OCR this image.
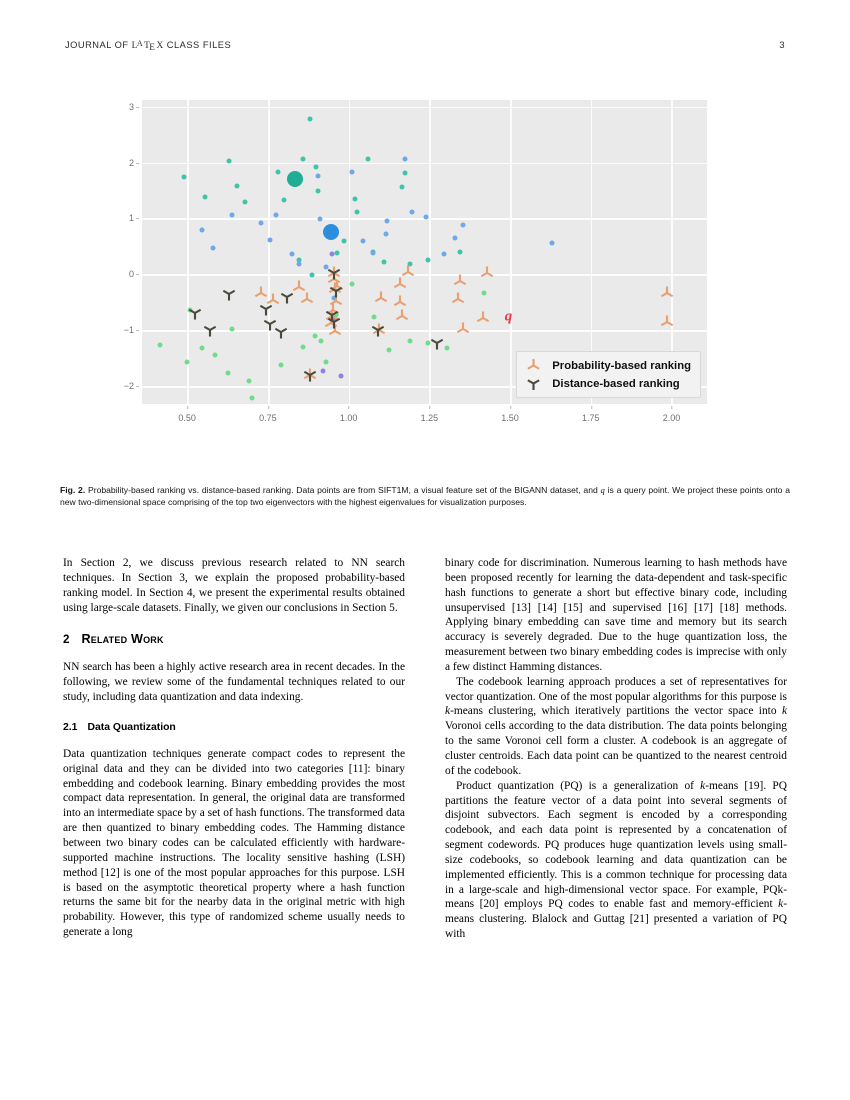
JOURNAL OF LATEX CLASS FILES	3
3
2
1
0
−1
−2
q
Probability-based ranking
Distance-based ranking
0.50	0.75	1.00	1.25	1.50	1.75	2.00
Fig. 2. Probability-based ranking vs. distance-based ranking. Data points are from SIFT1M, a visual feature set of the BIGANN dataset, and q is a query point. We project these points onto a new two-dimensional space comprising of the top two eigenvectors with the highest eigenvalues for visualization purposes.

In Section 2, we discuss previous research related to NN search techniques. In Section 3, we explain the proposed probability-based ranking model. In Section 4, we present the experimental results obtained using large-scale datasets. Finally, we given our conclusions in Section 5.

2 Related Work

NN search has been a highly active research area in recent decades. In the following, we review some of the fundamental techniques related to our study, including data quantization and data indexing.

2.1 Data Quantization

Data quantization techniques generate compact codes to represent the original data and they can be divided into two categories [11]: binary embedding and codebook learning. Binary embedding provides the most compact data representation. In general, the original data are transformed into an intermediate space by a set of hash functions. The transformed data are then quantized to binary embedding codes. The Hamming distance between two binary codes can be calculated efficiently with hardware-supported machine instructions. The locality sensitive hashing (LSH) method [12] is one of the most popular approaches for this purpose. LSH is based on the asymptotic theoretical property where a hash function returns the same bit for the nearby data in the original metric with high probability. However, this type of randomized scheme usually needs to generate a long

binary code for discrimination. Numerous learning to hash methods have been proposed recently for learning the data-dependent and task-specific hash functions to generate a short but effective binary code, including unsupervised [13] [14] [15] and supervised [16] [17] [18] methods. Applying binary embedding can save time and memory but its search accuracy is severely degraded. Due to the huge quantization loss, the measurement between two binary embedding codes is imprecise with only a few distinct Hamming distances.

The codebook learning approach produces a set of representatives for vector quantization. One of the most popular algorithms for this purpose is k-means clustering, which iteratively partitions the vector space into k Voronoi cells according to the data distribution. The data points belonging to the same Voronoi cell form a cluster. A codebook is an aggregate of cluster centroids. Each data point can be quantized to the nearest centroid of the codebook.

Product quantization (PQ) is a generalization of k-means [19]. PQ partitions the feature vector of a data point into several segments of disjoint subvectors. Each segment is encoded by a corresponding codebook, and each data point is represented by a concatenation of segment codewords. PQ produces huge quantization levels using small-size codebooks, so codebook learning and data quantization can be implemented efficiently. This is a common technique for processing data in a large-scale and high-dimensional vector space. For example, PQk-means [20] employs PQ codes to enable fast and memory-efficient k-means clustering. Blalock and Guttag [21] presented a variation of PQ with
